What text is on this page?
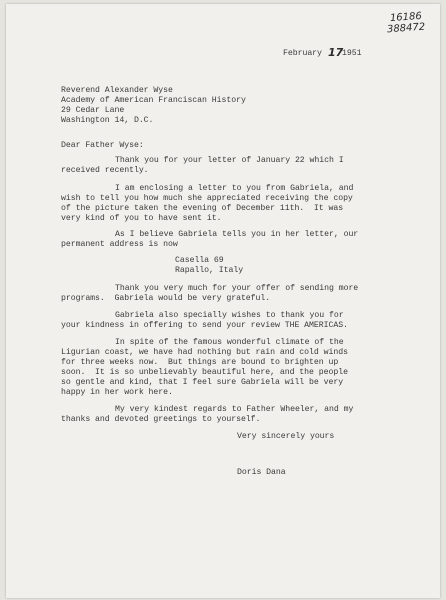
16186
388472
February 17
1951
Reverend Alexander Wyse
Academy of American Franciscan History
29 Cedar Lane
Washington 14, D.C.
Dear Father Wyse:
Thank you for your letter of January 22 which I
received recently.
I am enclosing a letter to you from Gabriela, and
wish to tell you how much she appreciated receiving the copy
of the picture taken the evening of December 11th.  It was
very kind of you to have sent it.
As I believe Gabriela tells you in her letter, our
permanent address is now
Casella 69
Rapallo, Italy
Thank you very much for your offer of sending more
programs.  Gabriela would be very grateful.
Gabriela also specially wishes to thank you for
your kindness in offering to send your review THE AMERICAS.
In spite of the famous wonderful climate of the
Ligurian coast, we have had nothing but rain and cold winds
for three weeks now.  But things are bound to brighten up
soon.  It is so unbelievably beautiful here, and the people
so gentle and kind, that I feel sure Gabriela will be very
happy in her work here.
My very kindest regards to Father Wheeler, and my
thanks and devoted greetings to yourself.
Very sincerely yours
Doris Dana
